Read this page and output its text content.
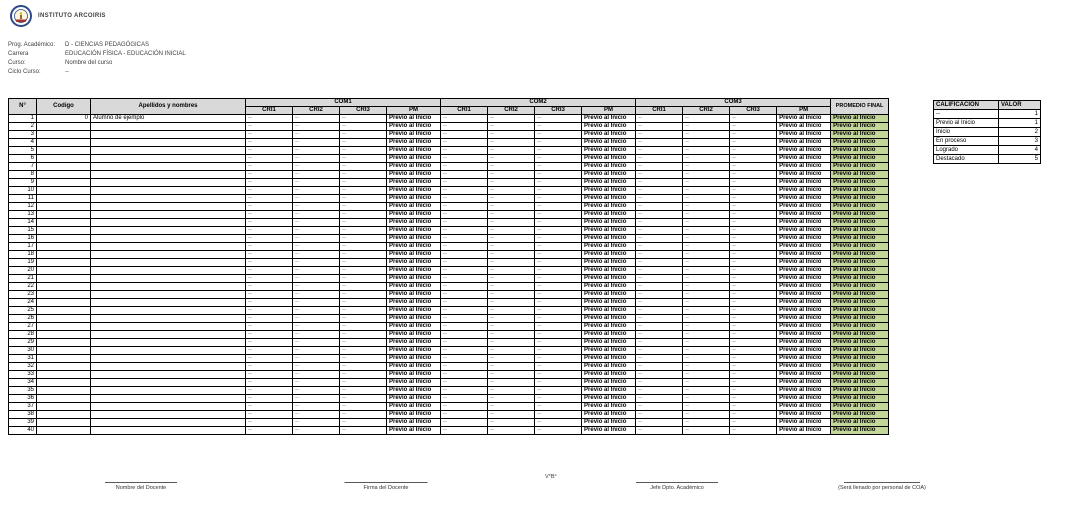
INSTITUTO ARCOIRIS
Prog. Académico:	D - CIENCIAS PEDAGÓGICAS
Carrera	EDUCACIÓN FÍSICA - EDUCACIÓN INICIAL
Curso:	Nombre del curso
Ciclo Curso:	--
N°	Codigo	Apellidos y nombres	COM1				COM2				COM3				PROMEDIO FINAL
			CRI1	CRI2	CRI3	PM	CRI1	CRI2	CRI3	PM	CRI1	CRI2	CRI3	PM	
1	0	Alumno de ejemplo	--	--	--	Previo al Inicio	--	--	--	Previo al Inicio	--	--	--	Previo al Inicio	Previo al Inicio
2			--	--	--	Previo al Inicio	--	--	--	Previo al Inicio	--	--	--	Previo al Inicio	Previo al Inicio
3			--	--	--	Previo al Inicio	--	--	--	Previo al Inicio	--	--	--	Previo al Inicio	Previo al Inicio
4			--	--	--	Previo al Inicio	--	--	--	Previo al Inicio	--	--	--	Previo al Inicio	Previo al Inicio
5			--	--	--	Previo al Inicio	--	--	--	Previo al Inicio	--	--	--	Previo al Inicio	Previo al Inicio
6			--	--	--	Previo al Inicio	--	--	--	Previo al Inicio	--	--	--	Previo al Inicio	Previo al Inicio
7			--	--	--	Previo al Inicio	--	--	--	Previo al Inicio	--	--	--	Previo al Inicio	Previo al Inicio
8			--	--	--	Previo al Inicio	--	--	--	Previo al Inicio	--	--	--	Previo al Inicio	Previo al Inicio
9			--	--	--	Previo al Inicio	--	--	--	Previo al Inicio	--	--	--	Previo al Inicio	Previo al Inicio
10			--	--	--	Previo al Inicio	--	--	--	Previo al Inicio	--	--	--	Previo al Inicio	Previo al Inicio
11			--	--	--	Previo al Inicio	--	--	--	Previo al Inicio	--	--	--	Previo al Inicio	Previo al Inicio
12			--	--	--	Previo al Inicio	--	--	--	Previo al Inicio	--	--	--	Previo al Inicio	Previo al Inicio
13			--	--	--	Previo al Inicio	--	--	--	Previo al Inicio	--	--	--	Previo al Inicio	Previo al Inicio
14			--	--	--	Previo al Inicio	--	--	--	Previo al Inicio	--	--	--	Previo al Inicio	Previo al Inicio
15			--	--	--	Previo al Inicio	--	--	--	Previo al Inicio	--	--	--	Previo al Inicio	Previo al Inicio
16			--	--	--	Previo al Inicio	--	--	--	Previo al Inicio	--	--	--	Previo al Inicio	Previo al Inicio
17			--	--	--	Previo al Inicio	--	--	--	Previo al Inicio	--	--	--	Previo al Inicio	Previo al Inicio
18			--	--	--	Previo al Inicio	--	--	--	Previo al Inicio	--	--	--	Previo al Inicio	Previo al Inicio
19			--	--	--	Previo al Inicio	--	--	--	Previo al Inicio	--	--	--	Previo al Inicio	Previo al Inicio
20			--	--	--	Previo al Inicio	--	--	--	Previo al Inicio	--	--	--	Previo al Inicio	Previo al Inicio
21			--	--	--	Previo al Inicio	--	--	--	Previo al Inicio	--	--	--	Previo al Inicio	Previo al Inicio
22			--	--	--	Previo al Inicio	--	--	--	Previo al Inicio	--	--	--	Previo al Inicio	Previo al Inicio
23			--	--	--	Previo al Inicio	--	--	--	Previo al Inicio	--	--	--	Previo al Inicio	Previo al Inicio
24			--	--	--	Previo al Inicio	--	--	--	Previo al Inicio	--	--	--	Previo al Inicio	Previo al Inicio
25			--	--	--	Previo al Inicio	--	--	--	Previo al Inicio	--	--	--	Previo al Inicio	Previo al Inicio
26			--	--	--	Previo al Inicio	--	--	--	Previo al Inicio	--	--	--	Previo al Inicio	Previo al Inicio
27			--	--	--	Previo al Inicio	--	--	--	Previo al Inicio	--	--	--	Previo al Inicio	Previo al Inicio
28			--	--	--	Previo al Inicio	--	--	--	Previo al Inicio	--	--	--	Previo al Inicio	Previo al Inicio
29			--	--	--	Previo al Inicio	--	--	--	Previo al Inicio	--	--	--	Previo al Inicio	Previo al Inicio
30			--	--	--	Previo al Inicio	--	--	--	Previo al Inicio	--	--	--	Previo al Inicio	Previo al Inicio
31			--	--	--	Previo al Inicio	--	--	--	Previo al Inicio	--	--	--	Previo al Inicio	Previo al Inicio
32			--	--	--	Previo al Inicio	--	--	--	Previo al Inicio	--	--	--	Previo al Inicio	Previo al Inicio
33			--	--	--	Previo al Inicio	--	--	--	Previo al Inicio	--	--	--	Previo al Inicio	Previo al Inicio
34			--	--	--	Previo al Inicio	--	--	--	Previo al Inicio	--	--	--	Previo al Inicio	Previo al Inicio
35			--	--	--	Previo al Inicio	--	--	--	Previo al Inicio	--	--	--	Previo al Inicio	Previo al Inicio
36			--	--	--	Previo al Inicio	--	--	--	Previo al Inicio	--	--	--	Previo al Inicio	Previo al Inicio
37			--	--	--	Previo al Inicio	--	--	--	Previo al Inicio	--	--	--	Previo al Inicio	Previo al Inicio
38			--	--	--	Previo al Inicio	--	--	--	Previo al Inicio	--	--	--	Previo al Inicio	Previo al Inicio
39			--	--	--	Previo al Inicio	--	--	--	Previo al Inicio	--	--	--	Previo al Inicio	Previo al Inicio
40			--	--	--	Previo al Inicio	--	--	--	Previo al Inicio	--	--	--	Previo al Inicio	Previo al Inicio
CALIFICACION	VALOR
--	1
Previo al Inicio	1
Inicio	2
En proceso	3
Logrado	4
Destacado	5
V°B°
Nombre del Docente	Firma del Docente	Jefe Dpto. Académico	(Será llenado por personal de COA)
